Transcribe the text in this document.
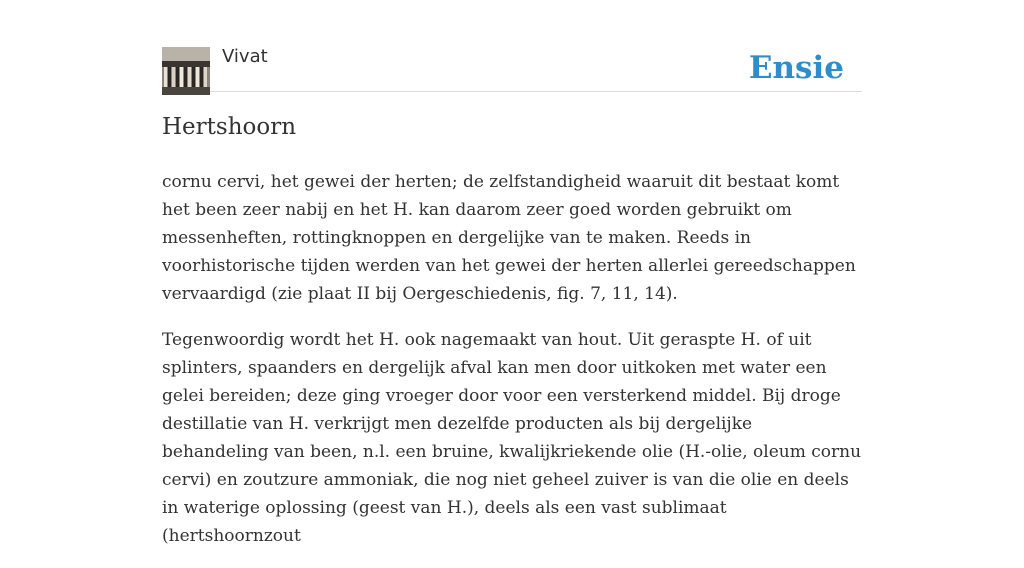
Vivat	Ensie
Hertshoorn

cornu cervi, het gewei der herten; de zelfstandigheid waaruit dit bestaat komt het been zeer nabij en het H. kan daarom zeer goed worden gebruikt om messenheften, rottingknoppen en dergelijke van te maken. Reeds in voorhistorische tijden werden van het gewei der herten allerlei gereedschappen vervaardigd (zie plaat II bij Oergeschiedenis, fig. 7, 11, 14).

Tegenwoordig wordt het H. ook nagemaakt van hout. Uit geraspte H. of uit splinters, spaanders en dergelijk afval kan men door uitkoken met water een gelei bereiden; deze ging vroeger door voor een versterkend middel. Bij droge destillatie van H. verkrijgt men dezelfde producten als bij dergelijke behandeling van been, n.l. een bruine, kwalijkriekende olie (H.-olie, oleum cornu cervi) en zoutzure ammoniak, die nog niet geheel zuiver is van die olie en deels in waterige oplossing (geest van H.), deels als een vast sublimaat (hertshoornzout
